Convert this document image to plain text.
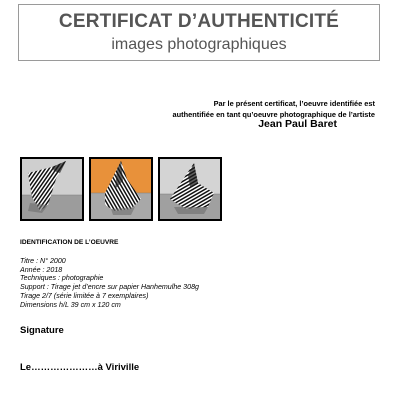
CERTIFICAT D’AUTHENTICITÉ
images photographiques
Par le présent certificat, l’oeuvre identifiée est
authentifiée en tant qu’oeuvre photographique de l’artiste
Jean Paul Baret
IDENTIFICATION DE L’OEUVRE
Titre : N° 2000
Année : 2018
Techniques : photographie
Support : Tirage jet d’encre sur papier Hanhemulhe 308g
Tirage 2/7 (série limitée à 7 exemplaires)
Dimensions h/L 39 cm x 120 cm
Signature
Le…………………à Viriville
